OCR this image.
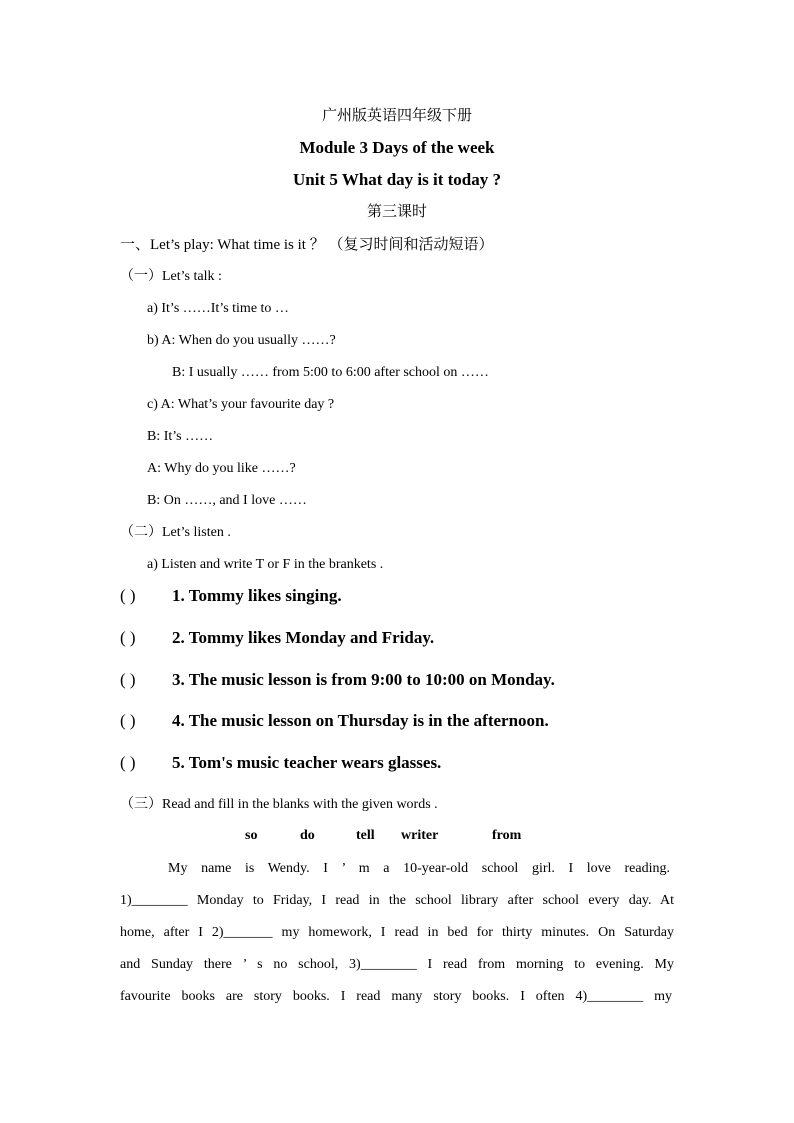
广州版英语四年级下册
Module 3 Days of the week
Unit 5 What day is it today ?
第三课时
一、Let’s play: What time is it ？ （复习时间和活动短语）
（一）Let’s talk :
a) It’s ……It’s time to …
b) A: When do you usually ……?
B: I usually …… from 5:00 to 6:00 after school on ……
c) A: What’s your favourite day ?
B: It’s ……
A: Why do you like ……?
B: On ……, and I love ……
（二）Let’s listen .
a) Listen and write T or F in the brankets .
( ) 1. Tommy likes singing.
( ) 2. Tommy likes Monday and Friday.
( ) 3. The music lesson is from 9:00 to 10:00 on Monday.
( ) 4. The music lesson on Thursday is in the afternoon.
( ) 5. Tom's music teacher wears glasses.
（三）Read and fill in the blanks with the given words .
so	do	tell writer	from
My name is Wendy. I ’ m a 10-year-old school girl. I love reading.
1)________ Monday to Friday, I read in the school library after school every day. At
home, after I 2)_______ my homework, I read in bed for thirty minutes. On Saturday
and Sunday there ’ s no school, 3)________ I read from morning to evening. My
favourite books are story books. I read many story books. I often 4)________ my
